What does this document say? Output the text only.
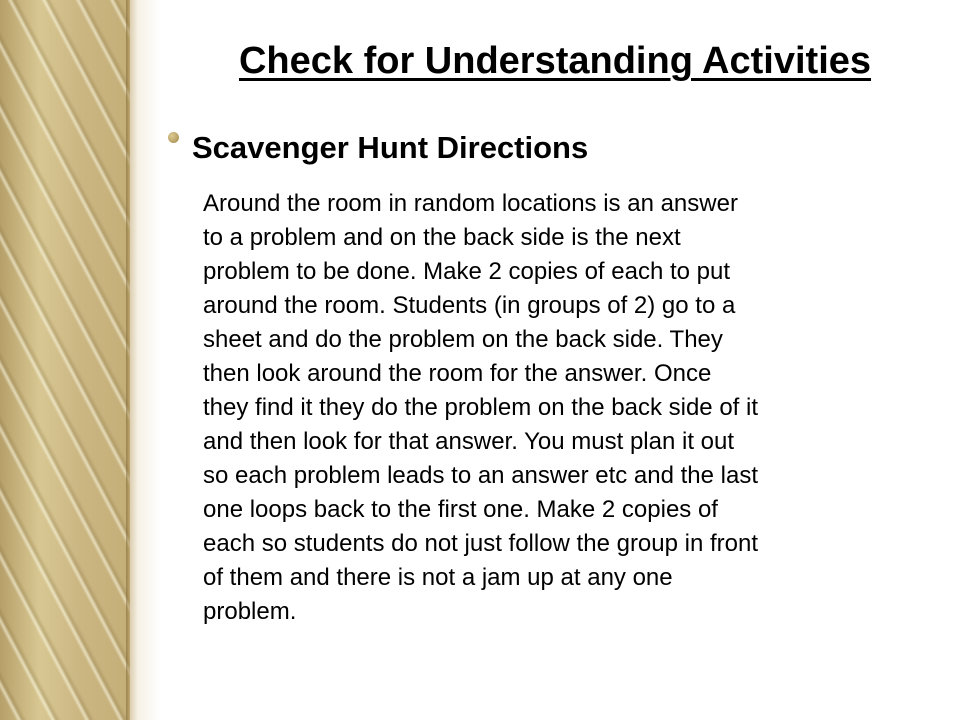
Check for Understanding Activities
Scavenger Hunt Directions

Around the room in random locations is an answer
to a problem and on the back side is the next
problem to be done. Make 2 copies of each to put
around the room. Students (in groups of 2) go to a
sheet and do the problem on the back side. They
then look around the room for the answer. Once
they find it they do the problem on the back side of it
and then look for that answer. You must plan it out
so each problem leads to an answer etc and the last
one loops back to the first one. Make 2 copies of
each so students do not just follow the group in front
of them and there is not a jam up at any one
problem.
